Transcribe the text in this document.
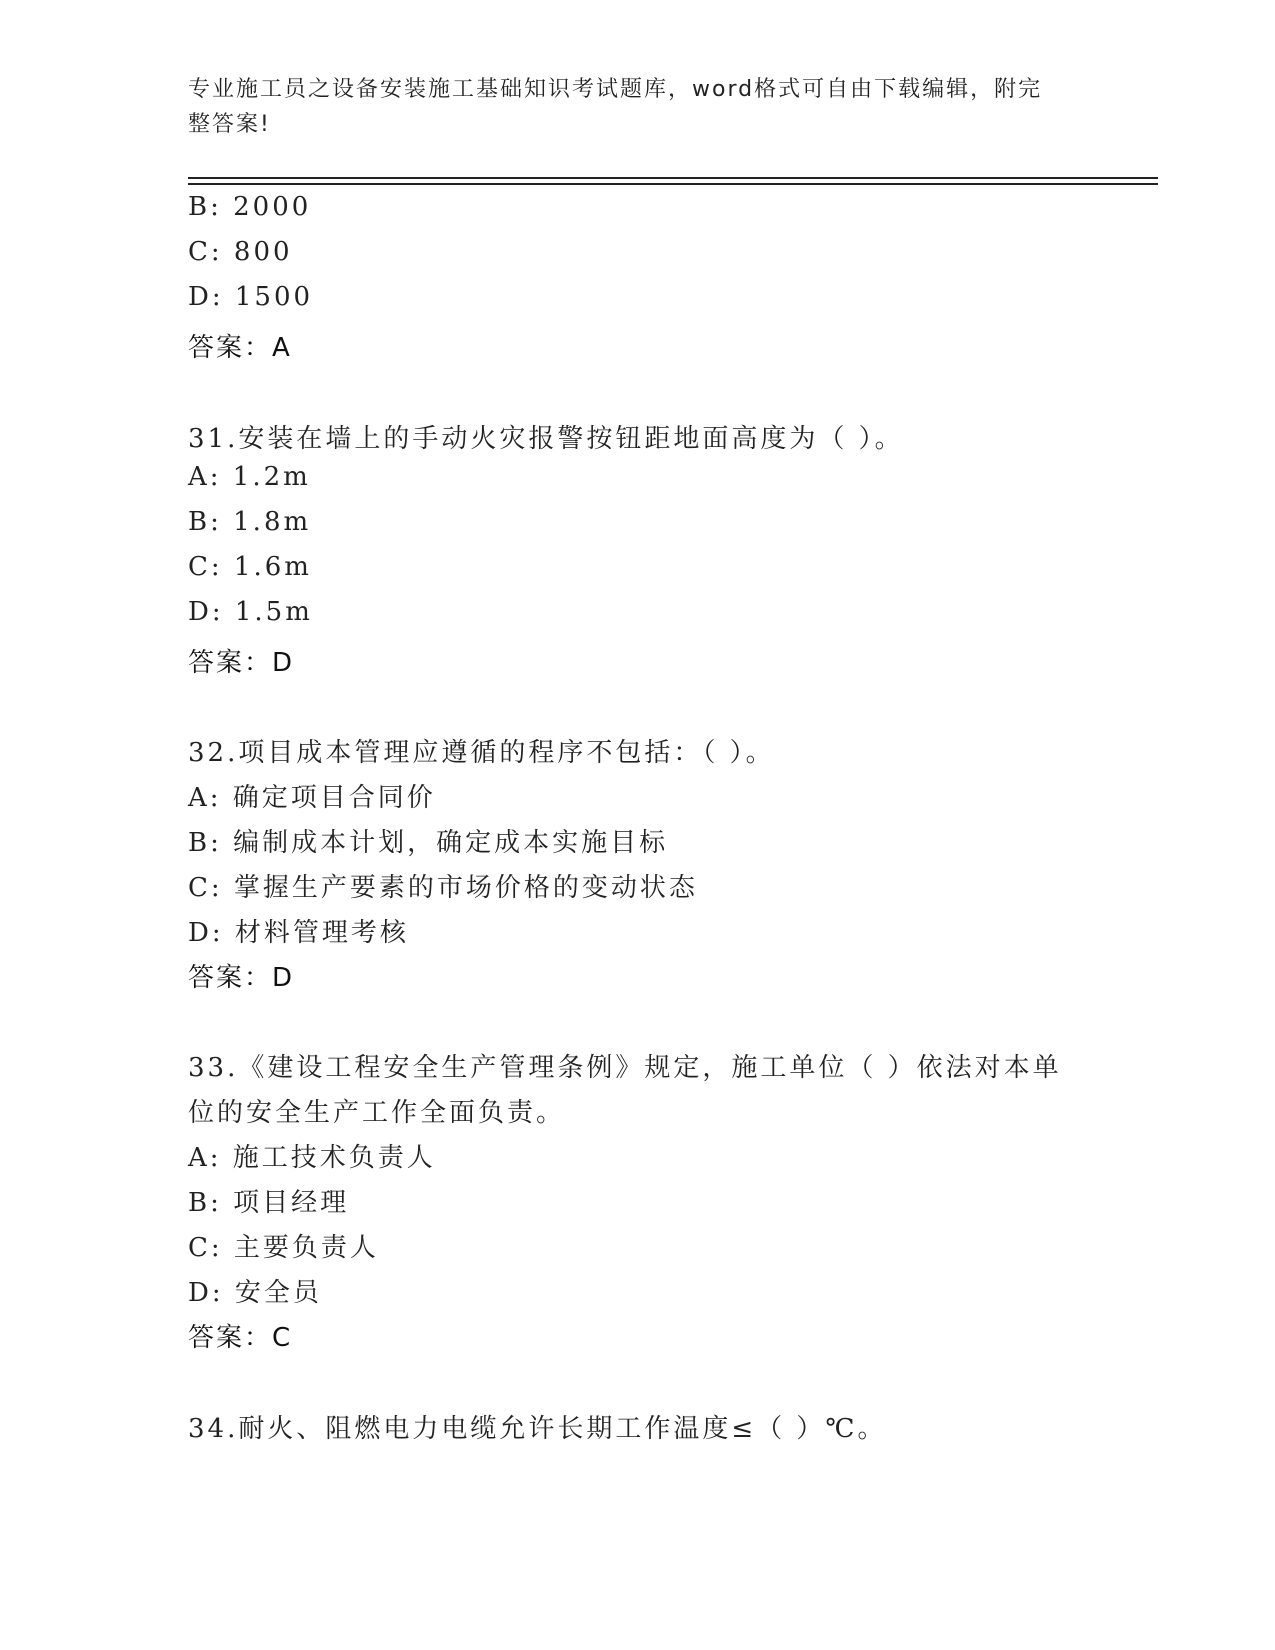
专业施工员之设备安装施工基础知识考试题库，word格式可自由下载编辑，附完
整答案!
B: 2000
C: 800
D: 1500
答案：A
31.安装在墙上的手动火灾报警按钮距地面高度为（ ）。
A: 1.2m
B: 1.8m
C: 1.6m
D: 1.5m
答案：D
32.项目成本管理应遵循的程序不包括：（ ）。
A: 确定项目合同价
B: 编制成本计划，确定成本实施目标
C: 掌握生产要素的市场价格的变动状态
D: 材料管理考核
答案：D
33.《建设工程安全生产管理条例》规定，施工单位（ ）依法对本单
位的安全生产工作全面负责。
A: 施工技术负责人
B: 项目经理
C: 主要负责人
D: 安全员
答案：C
34.耐火、阻燃电力电缆允许长期工作温度≤（ ）℃。
